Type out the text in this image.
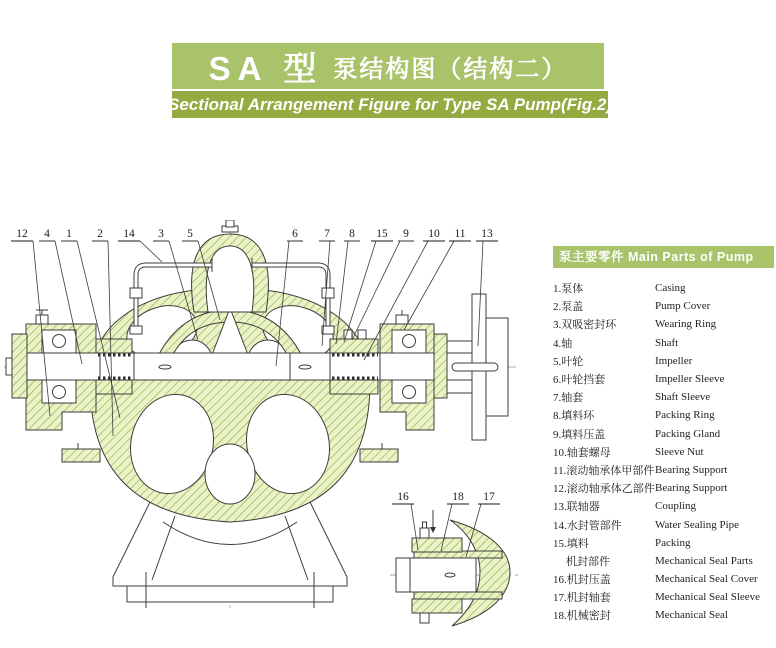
SA 型 泵结构图（结构二）
Sectional Arrangement Figure for Type SA Pump(Fig.2)
12 4 1 2 14 3 5	6 7 8 15 9 10 11 13
16	18 17
泵主要零件 Main Parts of Pump
1.泵体	Casing
2.泵盖	Pump Cover
3.双吸密封环	Wearing Ring
4.轴	Shaft
5.叶轮	Impeller
6.叶轮挡套	Impeller Sleeve
7.轴套	Shaft Sleeve
8.填料环	Packing Ring
9.填料压盖	Packing Gland
10.轴套螺母	Sleeve Nut
11.滚动轴承体甲部件 Bearing Support
12.滚动轴承体乙部件 Bearing Support
13.联轴器	Coupling
14.水封管部件	Water Sealing Pipe
15.填料	Packing
机封部件	Mechanical Seal Parts
16.机封压盖	Mechanical Seal Cover
17.机封轴套	Mechanical Seal Sleeve
18.机械密封	Mechanical Seal
